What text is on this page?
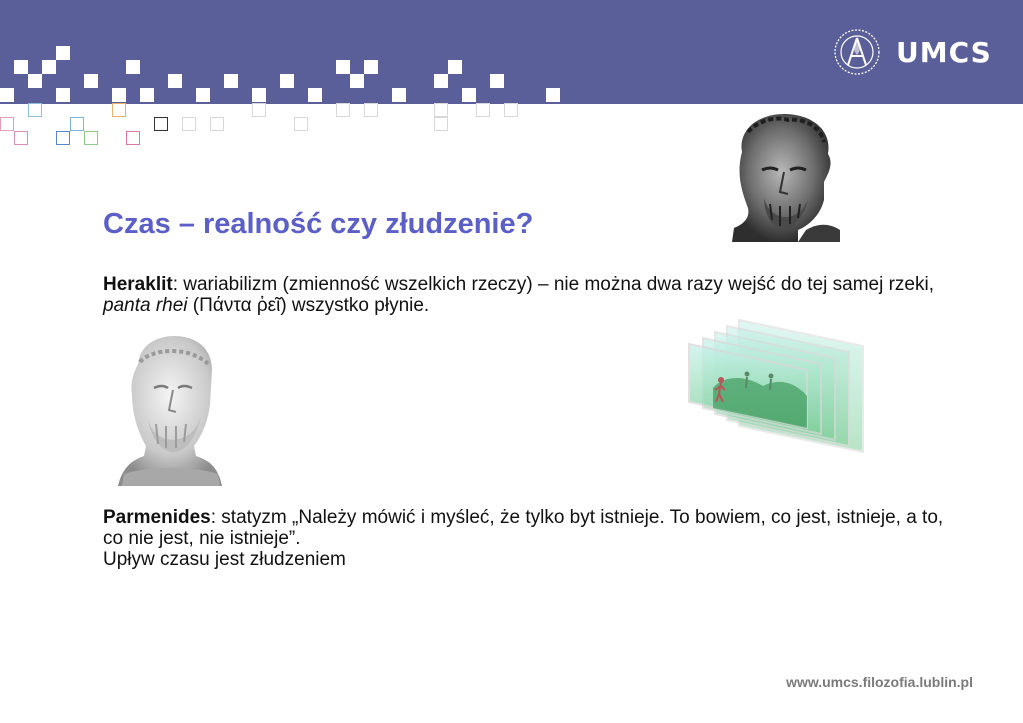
UMCS
Czas – realność czy złudzenie?
Heraklit: wariabilizm (zmienność wszelkich rzeczy) – nie można dwa razy wejść do tej samej rzeki, panta rhei (Πάντα ῥεῖ) wszystko płynie.
Parmenides: statyzm „Należy mówić i myśleć, że tylko byt istnieje. To bowiem, co jest, istnieje, a to, co nie jest, nie istnieje”.
Upływ czasu jest złudzeniem
www.umcs.filozofia.lublin.pl
